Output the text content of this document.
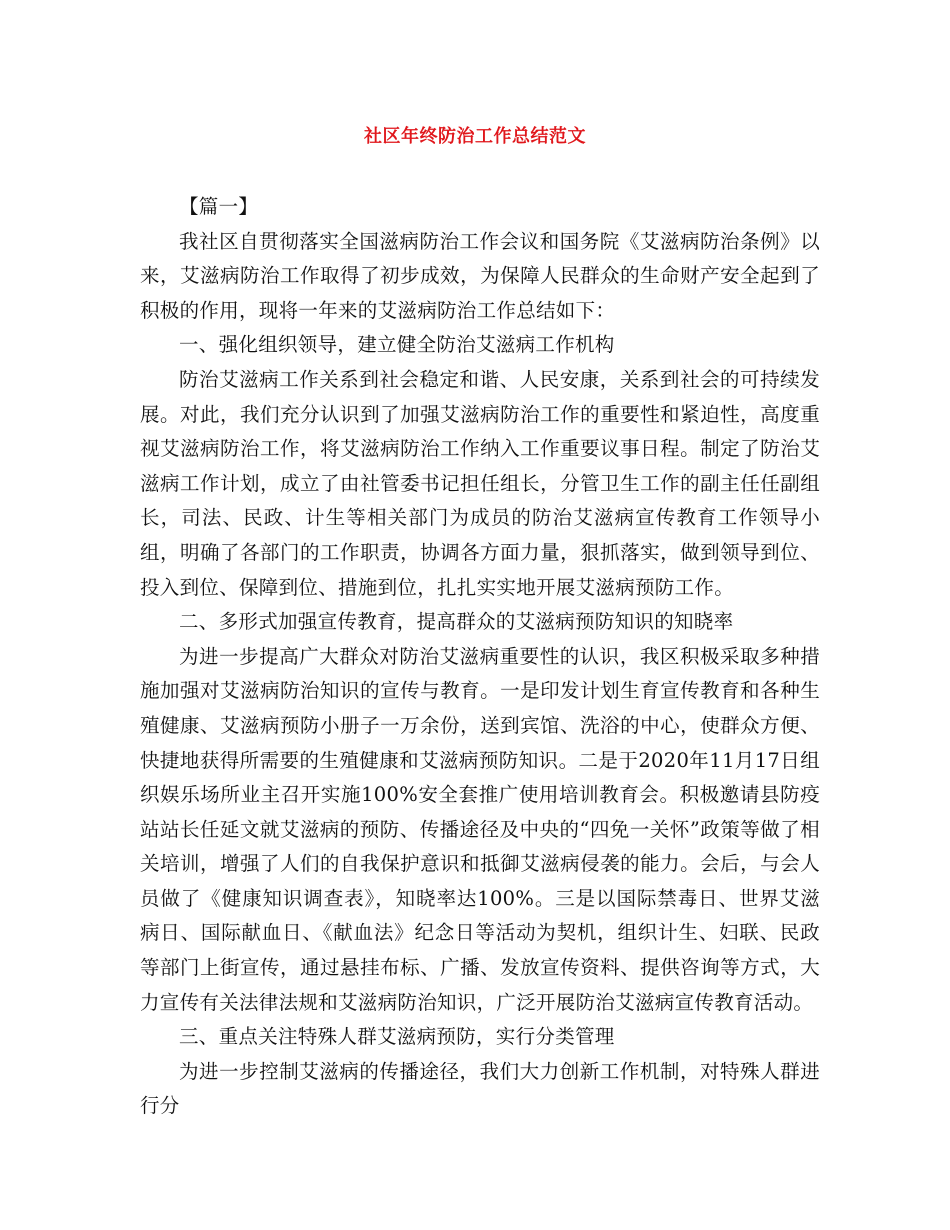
社区年终防治工作总结范文

【篇一】

我社区自贯彻落实全国滋病防治工作会议和国务院《艾滋病防治条例》以来，艾滋病防治工作取得了初步成效，为保障人民群众的生命财产安全起到了积极的作用，现将一年来的艾滋病防治工作总结如下：

一、强化组织领导，建立健全防治艾滋病工作机构

防治艾滋病工作关系到社会稳定和谐、人民安康，关系到社会的可持续发展。对此，我们充分认识到了加强艾滋病防治工作的重要性和紧迫性，高度重视艾滋病防治工作，将艾滋病防治工作纳入工作重要议事日程。制定了防治艾滋病工作计划，成立了由社管委书记担任组长，分管卫生工作的副主任任副组长，司法、民政、计生等相关部门为成员的防治艾滋病宣传教育工作领导小组，明确了各部门的工作职责，协调各方面力量，狠抓落实，做到领导到位、投入到位、保障到位、措施到位，扎扎实实地开展艾滋病预防工作。

二、多形式加强宣传教育，提高群众的艾滋病预防知识的知晓率

为进一步提高广大群众对防治艾滋病重要性的认识，我区积极采取多种措施加强对艾滋病防治知识的宣传与教育。一是印发计划生育宣传教育和各种生殖健康、艾滋病预防小册子一万余份，送到宾馆、洗浴的中心，使群众方便、快捷地获得所需要的生殖健康和艾滋病预防知识。二是于2020年11月17日组织娱乐场所业主召开实施100%安全套推广使用培训教育会。积极邀请县防疫站站长任延文就艾滋病的预防、传播途径及中央的“四免一关怀”政策等做了相关培训，增强了人们的自我保护意识和抵御艾滋病侵袭的能力。会后，与会人员做了《健康知识调查表》，知晓率达100%。三是以国际禁毒日、世界艾滋病日、国际献血日、《献血法》纪念日等活动为契机，组织计生、妇联、民政等部门上街宣传，通过悬挂布标、广播、发放宣传资料、提供咨询等方式，大力宣传有关法律法规和艾滋病防治知识，广泛开展防治艾滋病宣传教育活动。

三、重点关注特殊人群艾滋病预防，实行分类管理

为进一步控制艾滋病的传播途径，我们大力创新工作机制，对特殊人群进行分
